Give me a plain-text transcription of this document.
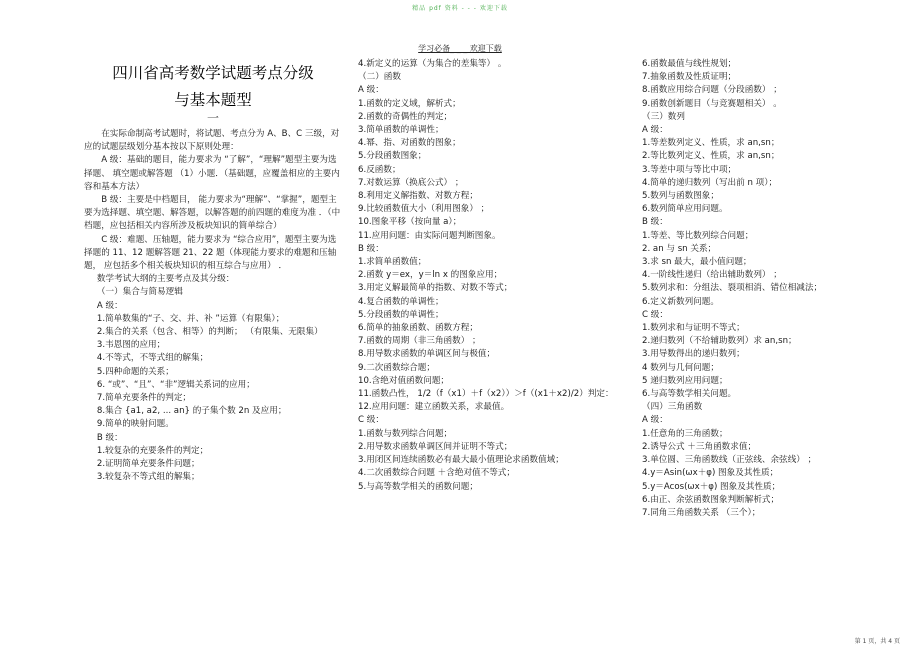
精品 pdf 资料 - - - 欢迎下载
学习必备_ _ _ 欢迎下载
四川省高考数学试题考点分级
与基本题型
一
在实际命制高考试题时，将试题、考点分为 A、B、C 三级，对应的试题层级划分基本按以下原则处理：
A 级：基础的题目，能力要求为 “了解”，“理解”题型主要为选择题、 填空题或解答题 （1）小题．（基础题，应覆盖相应的主要内容和基本方法）
B 级：主要是中档题目， 能力要求为“理解”、“掌握”，题型主要为选择题、填空题、解答题，以解答题的前四题的难度为准 ．（中档题，应包括相关内容所涉及板块知识的简单综合）
C 级：难题、压轴题，能力要求为 “综合应用”，题型主要为选择题的 11、12 题解答题 21、22 题（体现能力要求的难题和压轴题， 应包括多个相关板块知识的相互综合与应用） ．
数学考试大纲的主要考点及其分级：
（一）集合与简易逻辑
A 级：
1.简单数集的“子、交、并、补 ”运算（有限集）；
2.集合的关系（包含、相等）的判断； （有限集、无限集）
3.韦恩图的应用；
4.不等式，不等式组的解集；
5.四种命题的关系；
6. “或”、“且”、“非”逻辑关系词的应用；
7.简单充要条件的判定；
8.集合 {a1, a2, ... an} 的子集个数 2n 及应用；
9.简单的映射问题。
B 级：
1.较复杂的充要条件的判定；
2.证明简单充要条件问题；
3.较复杂不等式组的解集；
4.新定义的运算（为集合的差集等） 。
（二）函数
A 级：
1.函数的定义域，解析式；
2.函数的奇偶性的判定；
3.简单函数的单调性；
4.幂、指、对函数的图象；
5.分段函数图象；
6.反函数；
7.对数运算（换底公式） ；
8.利用定义解指数、对数方程；
9.比较函数值大小（利用图象） ；
10.图象平移（按向量 a）；
11.应用问题：由实际问题判断图象。
B 级：
1.求简单函数值；
2.函数 y＝ex，y＝ln x 的图象应用；
3.用定义解最简单的指数、对数不等式；
4.复合函数的单调性；
5.分段函数的单调性；
6.简单的抽象函数、函数方程；
7.函数的周期（非三角函数） ；
8.用导数求函数的单调区间与极值；
9.二次函数综合题；
10.含绝对值函数问题；
11.函数凸性， 1/2（f（x1）＋f（x2））＞f（(x1＋x2)/2）判定：
12.应用问题：建立函数关系，求最值。
C 级：
1.函数与数列综合问题；
2.用导数求函数单调区间并证明不等式；
3.用闭区间连续函数必有最大最小值理论求函数值域；
4.二次函数综合问题 ＋含绝对值不等式；
5.与高等数学相关的函数问题；
6.函数最值与线性规划；
7.抽象函数及性质证明；
8.函数应用综合问题（分段函数） ；
9.函数创新题目（与竞赛题相关） 。
（三）数列
A 级：
1.等差数列定义、性质，求 an,sn；
2.等比数列定义、性质，求 an,sn；
3.等差中项与等比中项；
4.简单的递归数列（写出前 n 项）；
5.数列与函数图象；
6.数列简单应用问题。
B 级：
1.等差、等比数列综合问题；
2. an 与 sn 关系；
3.求 sn 最大，最小值问题；
4.一阶线性递归（给出辅助数列） ；
5.数列求和：分组法、裂项相消、错位相减法；
6.定义新数列问题。
C 级：
1.数列求和与证明不等式；
2.递归数列（不给辅助数列）求 an,sn；
3.用导数得出的递归数列；
4 数列与几何问题；
5 递归数列应用问题；
6.与高等数学相关问题。
（四）三角函数
A 级：
1.任意角的三角函数；
2.诱导公式 ＋三角函数求值；
3.单位圆、三角函数线（正弦线、余弦线） ；
4.y＝Asin(ωx＋φ) 图象及其性质；
5.y＝Acos(ωx＋φ) 图象及其性质；
6.由正、余弦函数图象判断解析式；
7.同角三角函数关系 （三个）；
第 1 页，共 4 页
